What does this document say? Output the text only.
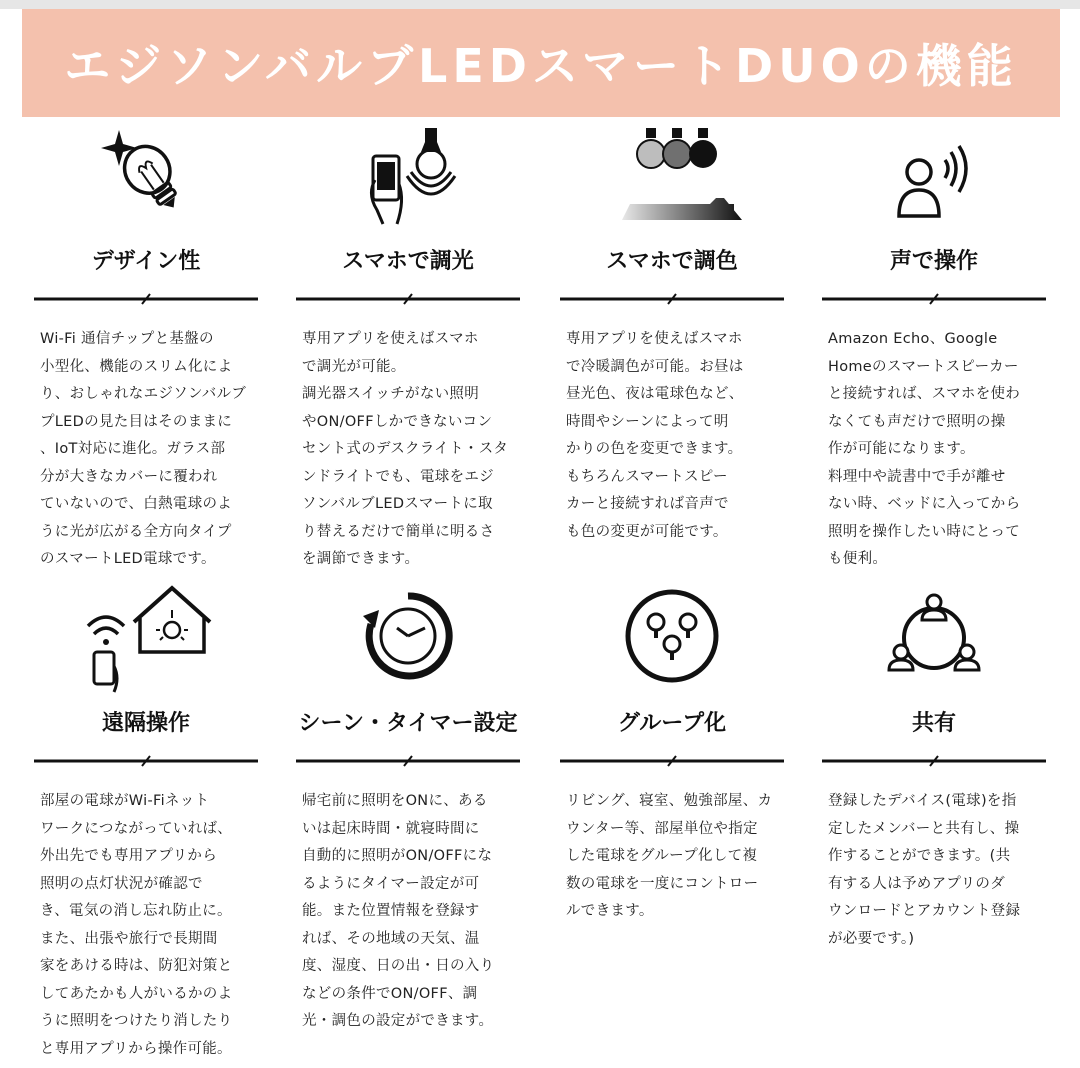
エジソンバルブLEDスマートDUOの機能
デザイン性
Wi-Fi 通信チップと基盤の
小型化、機能のスリム化によ
り、おしゃれなエジソンバルブ
プLEDの見た目はそのままに
、IoT対応に進化。ガラス部
分が大きなカバーに覆われ
ていないので、白熱電球のよ
うに光が広がる全方向タイプ
のスマートLED電球です。
スマホで調光
専用アプリを使えばスマホ
で調光が可能。
調光器スイッチがない照明
やON/OFFしかできないコン
セント式のデスクライト・スタ
ンドライトでも、電球をエジ
ソンバルブLEDスマートに取
り替えるだけで簡単に明るさ
を調節できます。
スマホで調色
専用アプリを使えばスマホ
で冷暖調色が可能。お昼は
昼光色、夜は電球色など、
時間やシーンによって明
かりの色を変更できます。
もちろんスマートスピー
カーと接続すれば音声で
も色の変更が可能です。
声で操作
Amazon Echo、Google
Homeのスマートスピーカー
と接続すれば、スマホを使わ
なくても声だけで照明の操
作が可能になります。
料理中や読書中で手が離せ
ない時、ベッドに入ってから
照明を操作したい時にとって
も便利。
遠隔操作
部屋の電球がWi-Fiネット
ワークにつながっていれば、
外出先でも専用アプリから
照明の点灯状況が確認で
き、電気の消し忘れ防止に。
また、出張や旅行で長期間
家をあける時は、防犯対策と
してあたかも人がいるかのよ
うに照明をつけたり消したり
と専用アプリから操作可能。
シーン・タイマー設定
帰宅前に照明をONに、ある
いは起床時間・就寝時間に
自動的に照明がON/OFFにな
るようにタイマー設定が可
能。また位置情報を登録す
れば、その地域の天気、温
度、湿度、日の出・日の入り
などの条件でON/OFF、調
光・調色の設定ができます。
グループ化
リビング、寝室、勉強部屋、カ
ウンター等、部屋単位や指定
した電球をグループ化して複
数の電球を一度にコントロー
ルできます。
共有
登録したデバイス(電球)を指
定したメンバーと共有し、操
作することができます。(共
有する人は予めアプリのダ
ウンロードとアカウント登録
が必要です。)
